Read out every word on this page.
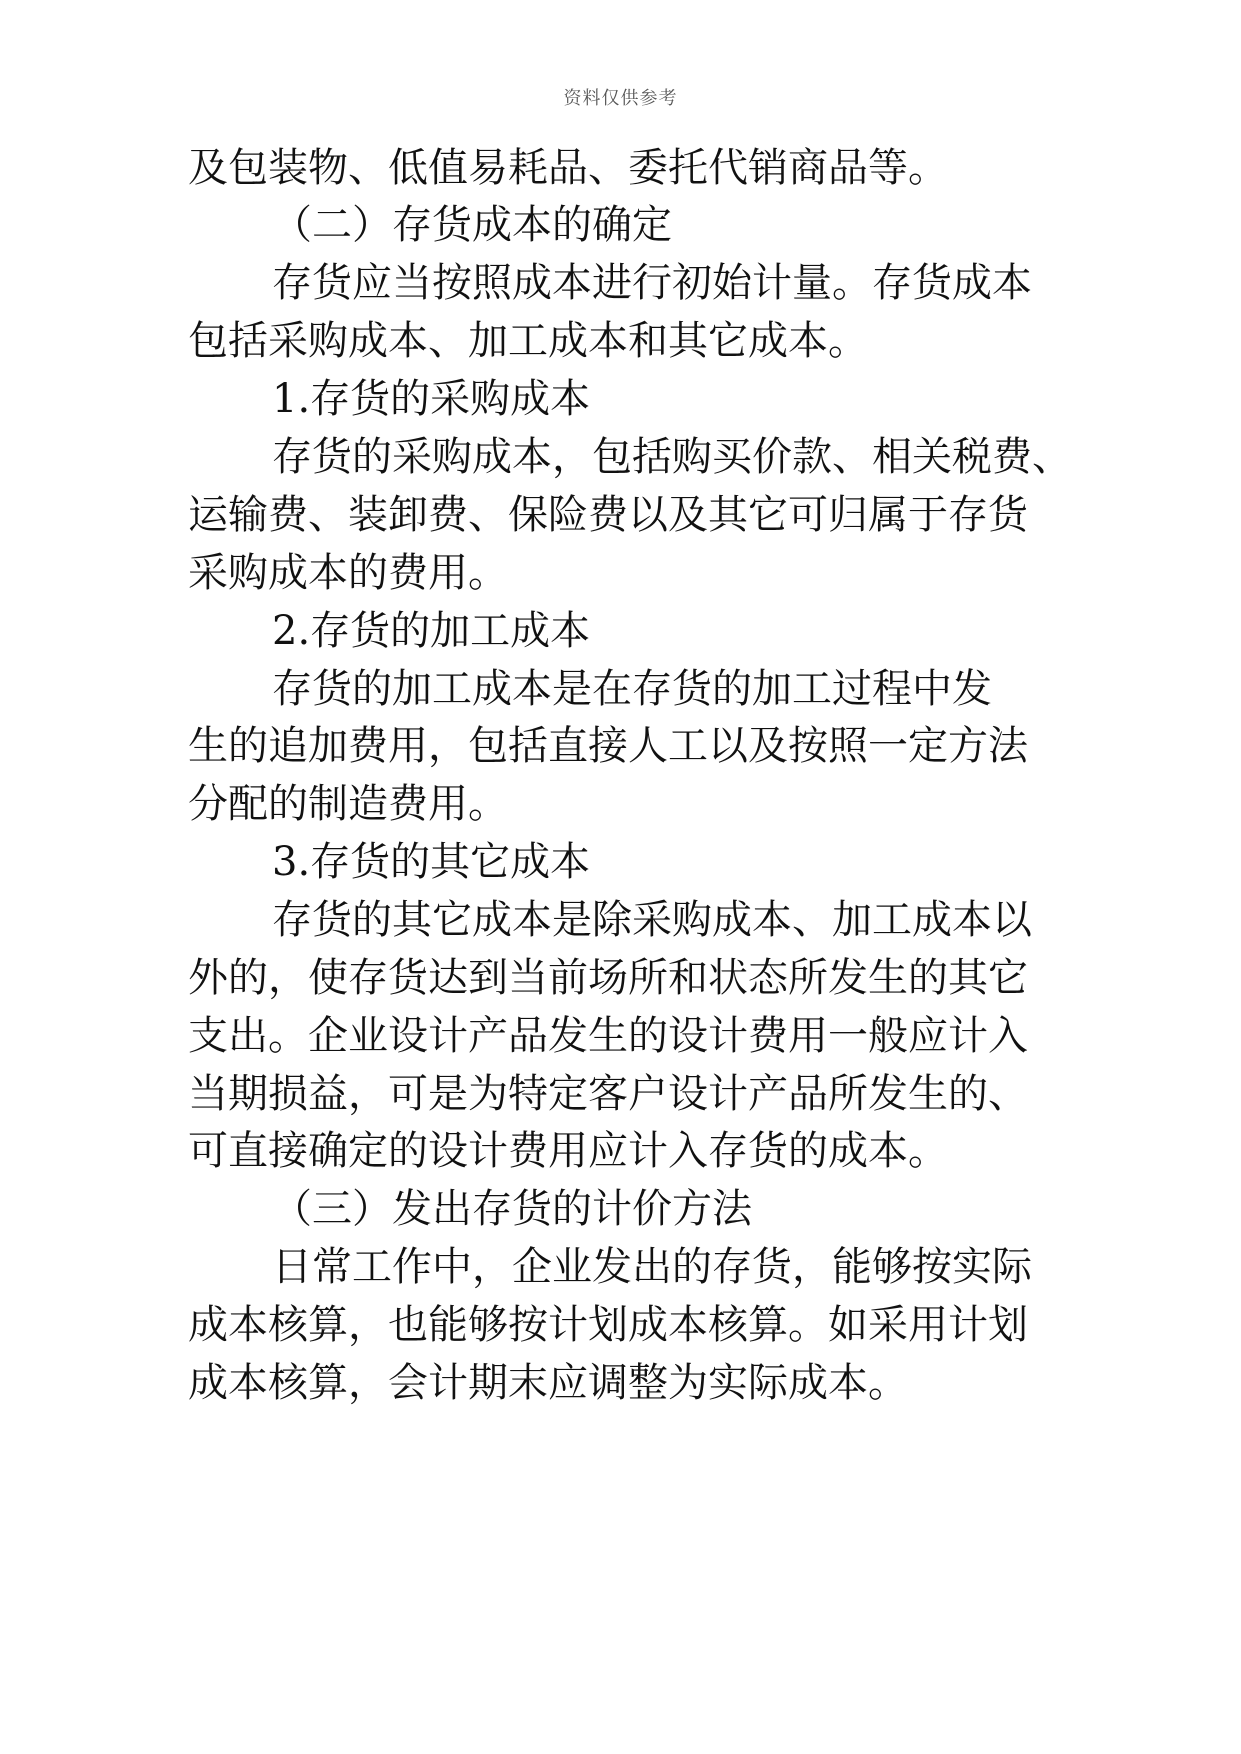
资料仅供参考
及包装物、低值易耗品、委托代销商品等。
（二）存货成本的确定
存货应当按照成本进行初始计量。存货成本
包括采购成本、加工成本和其它成本。
1.存货的采购成本
存货的采购成本，包括购买价款、相关税费、
运输费、装卸费、保险费以及其它可归属于存货
采购成本的费用。
2.存货的加工成本
存货的加工成本是在存货的加工过程中发
生的追加费用，包括直接人工以及按照一定方法
分配的制造费用。
3.存货的其它成本
存货的其它成本是除采购成本、加工成本以
外的，使存货达到当前场所和状态所发生的其它
支出。企业设计产品发生的设计费用一般应计入
当期损益，可是为特定客户设计产品所发生的、
可直接确定的设计费用应计入存货的成本。
（三）发出存货的计价方法
日常工作中，企业发出的存货，能够按实际
成本核算，也能够按计划成本核算。如采用计划
成本核算，会计期末应调整为实际成本。
